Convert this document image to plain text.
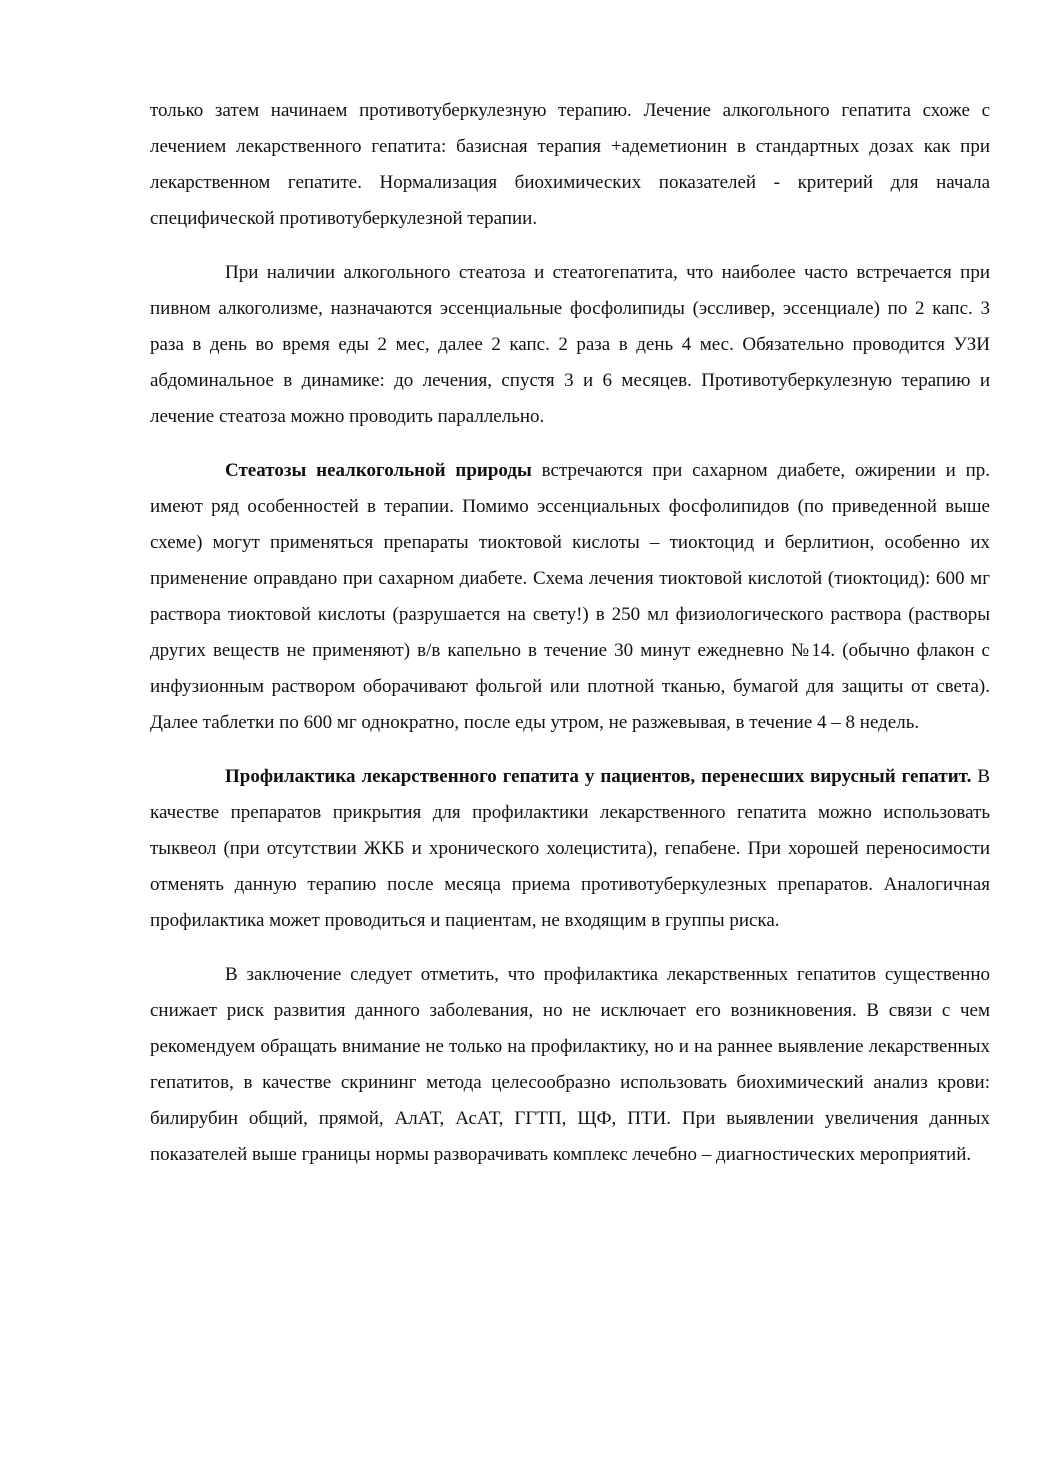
только затем начинаем противотуберкулезную терапию. Лечение алкогольного гепатита схоже с лечением лекарственного гепатита: базисная терапия +адеметионин в стандартных дозах как при лекарственном гепатите. Нормализация биохимических показателей - критерий для начала специфической противотуберкулезной терапии.

При наличии алкогольного стеатоза и стеатогепатита, что наиболее часто встречается при пивном алкоголизме, назначаются эссенциальные фосфолипиды (эссливер, эссенциале) по 2 капс. 3 раза в день во время еды 2 мес, далее 2 капс. 2 раза в день 4 мес. Обязательно проводится УЗИ абдоминальное в динамике: до лечения, спустя 3 и 6 месяцев. Противотуберкулезную терапию и лечение стеатоза можно проводить параллельно.

Стеатозы неалкогольной природы встречаются при сахарном диабете, ожирении и пр. имеют ряд особенностей в терапии. Помимо эссенциальных фосфолипидов (по приведенной выше схеме) могут применяться препараты тиоктовой кислоты – тиоктоцид и берлитион, особенно их применение оправдано при сахарном диабете. Схема лечения тиоктовой кислотой (тиоктоцид): 600 мг раствора тиоктовой кислоты (разрушается на свету!) в 250 мл физиологического раствора (растворы других веществ не применяют) в/в капельно в течение 30 минут ежедневно №14. (обычно флакон с инфузионным раствором оборачивают фольгой или плотной тканью, бумагой для защиты от света). Далее таблетки по 600 мг однократно, после еды утром, не разжевывая, в течение 4 – 8 недель.

Профилактика лекарственного гепатита у пациентов, перенесших вирусный гепатит. В качестве препаратов прикрытия для профилактики лекарственного гепатита можно использовать тыквеол (при отсутствии ЖКБ и хронического холецистита), гепабене. При хорошей переносимости отменять данную терапию после месяца приема противотуберкулезных препаратов. Аналогичная профилактика может проводиться и пациентам, не входящим в группы риска.

В заключение следует отметить, что профилактика лекарственных гепатитов существенно снижает риск развития данного заболевания, но не исключает его возникновения. В связи с чем рекомендуем обращать внимание не только на профилактику, но и на раннее выявление лекарственных гепатитов, в качестве скрининг метода целесообразно использовать биохимический анализ крови: билирубин общий, прямой, АлАТ, АсАТ, ГГТП, ЩФ, ПТИ. При выявлении увеличения данных показателей выше границы нормы разворачивать комплекс лечебно – диагностических мероприятий.
